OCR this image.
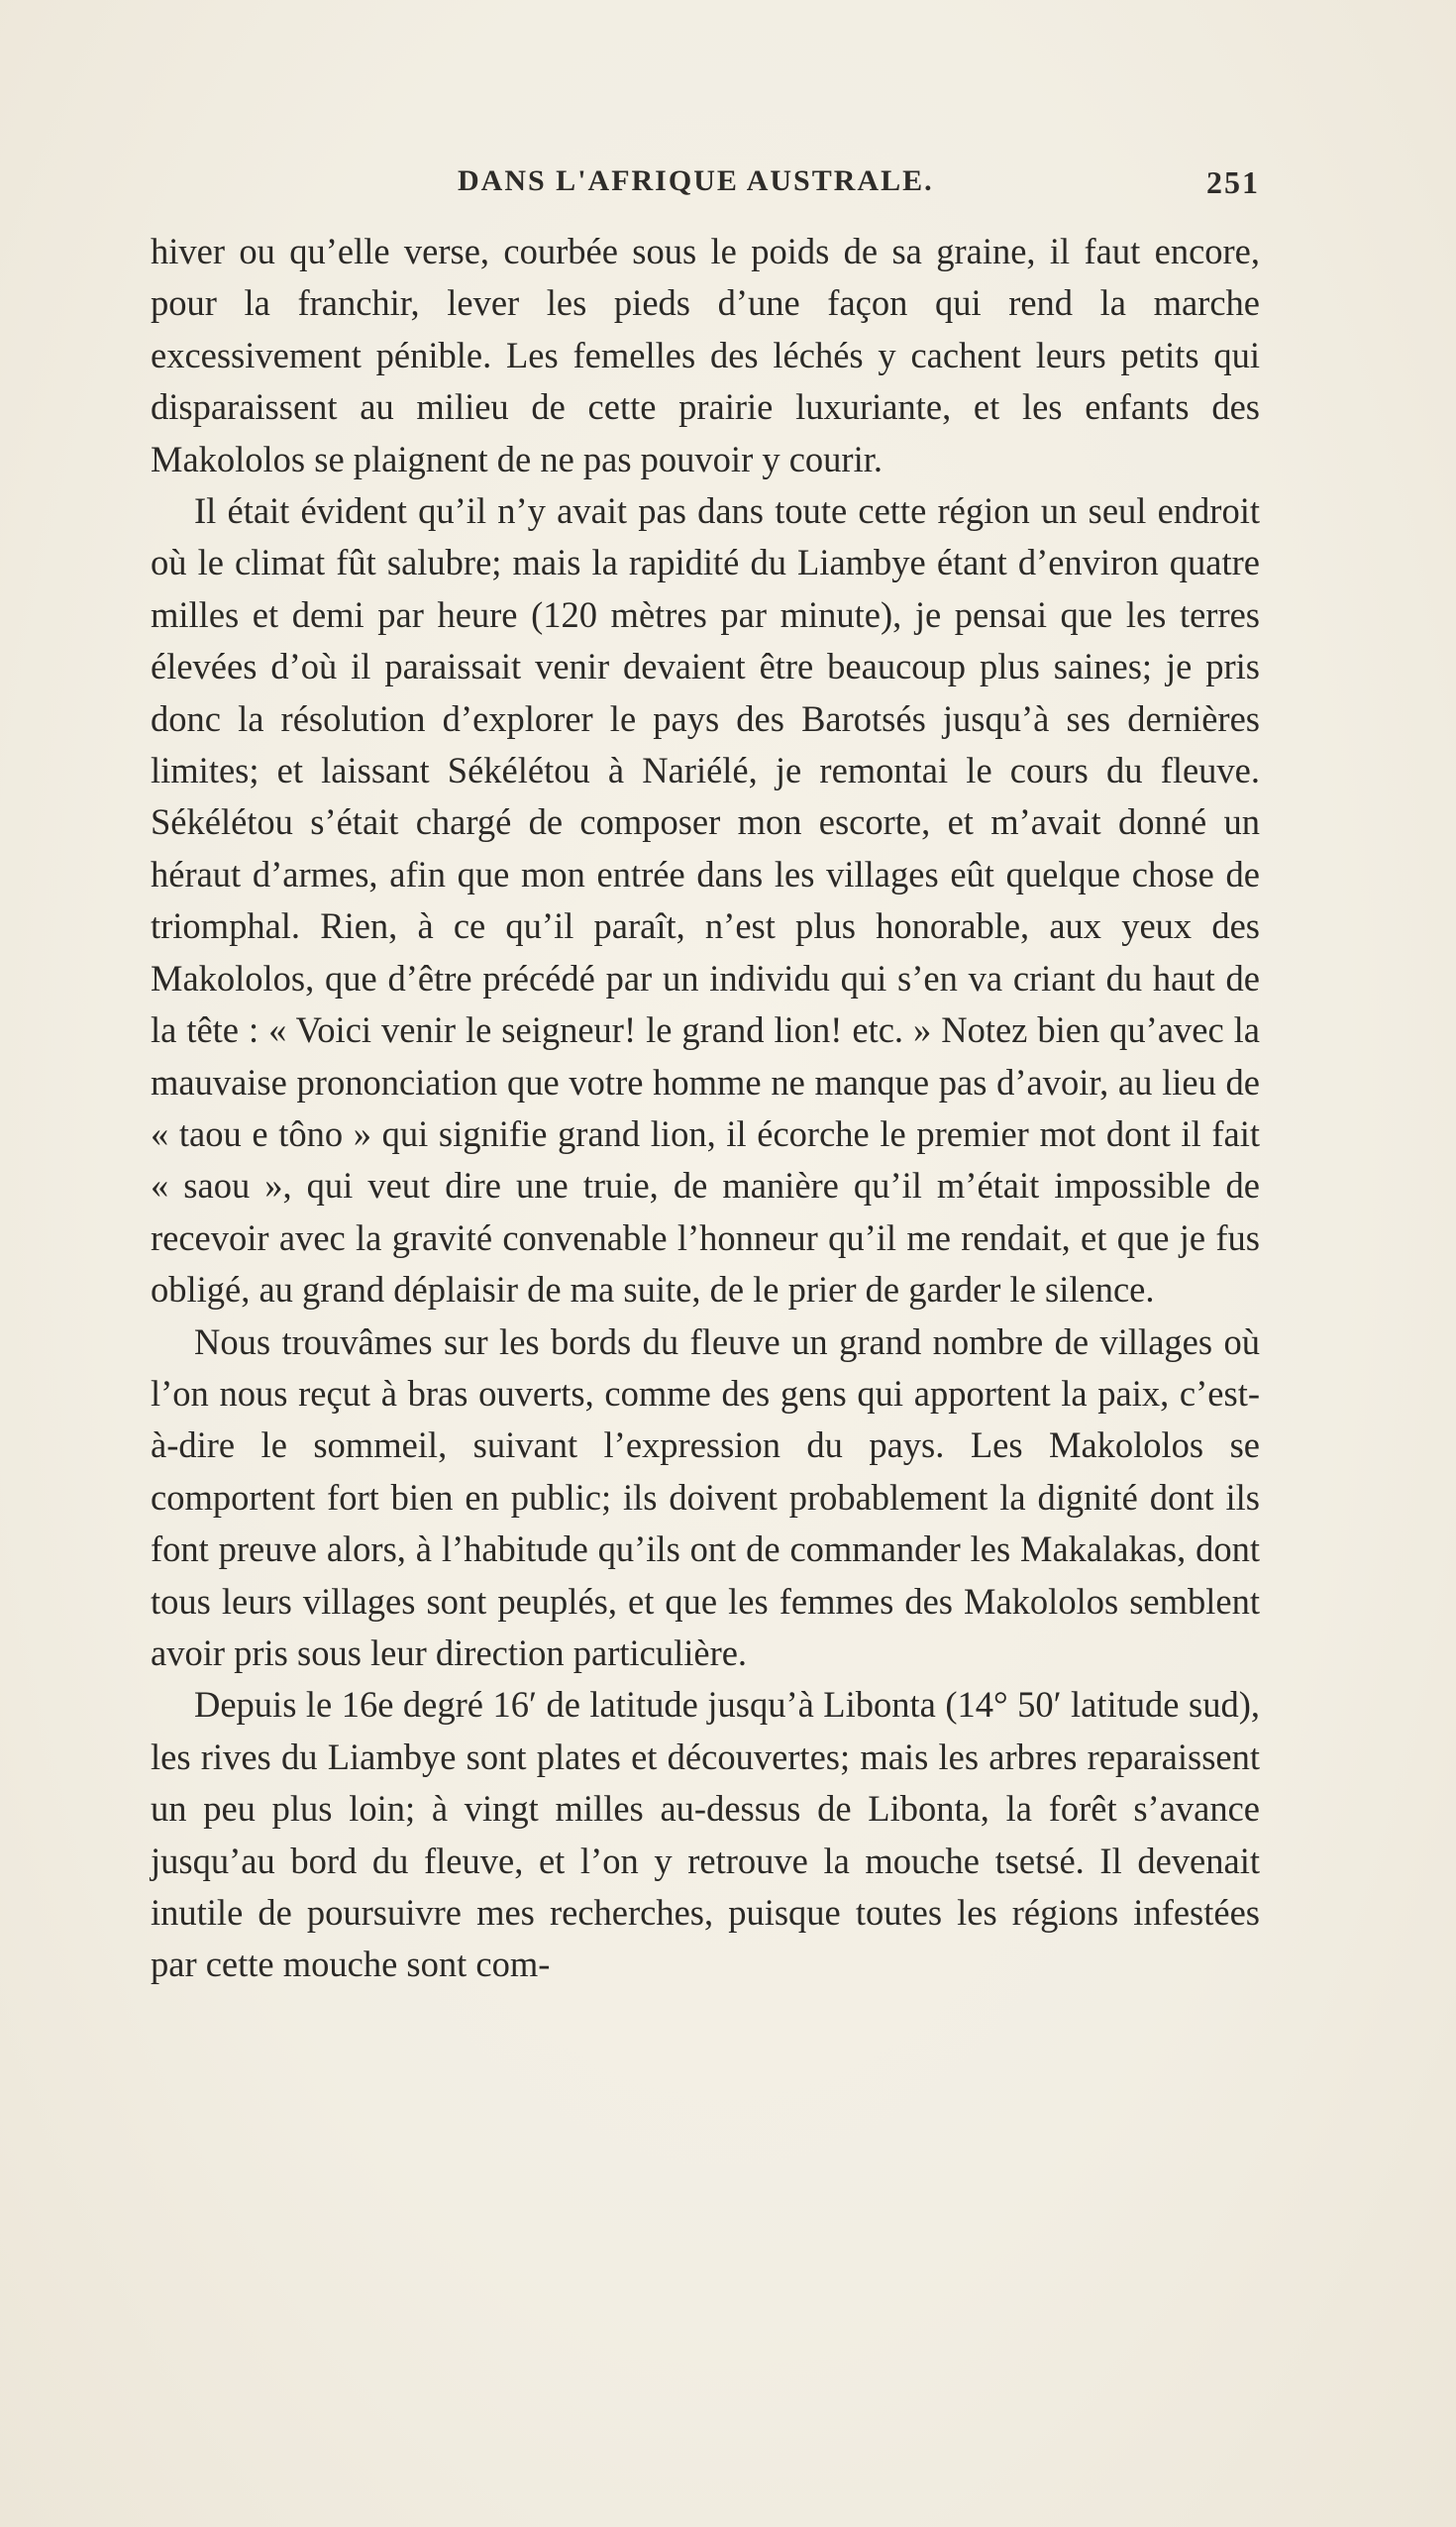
DANS L'AFRIQUE AUSTRALE.	251

hiver ou qu’elle verse, courbée sous le poids de sa graine, il faut encore, pour la franchir, lever les pieds d’une façon qui rend la marche excessivement pénible. Les femelles des léchés y cachent leurs petits qui disparaissent au milieu de cette prairie luxuriante, et les enfants des Makololos se plaignent de ne pas pouvoir y courir.

Il était évident qu’il n’y avait pas dans toute cette région un seul endroit où le climat fût salubre; mais la rapidité du Liambye étant d’environ quatre milles et demi par heure (120 mètres par minute), je pensai que les terres élevées d’où il paraissait venir devaient être beaucoup plus saines; je pris donc la résolution d’explorer le pays des Barotsés jusqu’à ses dernières limites; et laissant Sékélétou à Nariélé, je remontai le cours du fleuve. Sékélétou s’était chargé de composer mon escorte, et m’avait donné un héraut d’armes, afin que mon entrée dans les villages eût quelque chose de triomphal. Rien, à ce qu’il paraît, n’est plus honorable, aux yeux des Makololos, que d’être précédé par un individu qui s’en va criant du haut de la tête : « Voici venir le seigneur! le grand lion! etc. » Notez bien qu’avec la mauvaise prononciation que votre homme ne manque pas d’avoir, au lieu de « taou e tôno » qui signifie grand lion, il écorche le premier mot dont il fait « saou », qui veut dire une truie, de manière qu’il m’était impossible de recevoir avec la gravité convenable l’honneur qu’il me rendait, et que je fus obligé, au grand déplaisir de ma suite, de le prier de garder le silence.

Nous trouvâmes sur les bords du fleuve un grand nombre de villages où l’on nous reçut à bras ouverts, comme des gens qui apportent la paix, c’est-à-dire le sommeil, suivant l’expression du pays. Les Makololos se comportent fort bien en public; ils doivent probablement la dignité dont ils font preuve alors, à l’habitude qu’ils ont de commander les Makalakas, dont tous leurs villages sont peuplés, et que les femmes des Makololos semblent avoir pris sous leur direction particulière.

Depuis le 16e degré 16′ de latitude jusqu’à Libonta (14° 50′ latitude sud), les rives du Liambye sont plates et découvertes; mais les arbres reparaissent un peu plus loin; à vingt milles au-dessus de Libonta, la forêt s’avance jusqu’au bord du fleuve, et l’on y retrouve la mouche tsetsé. Il devenait inutile de poursuivre mes recherches, puisque toutes les régions infestées par cette mouche sont com-
